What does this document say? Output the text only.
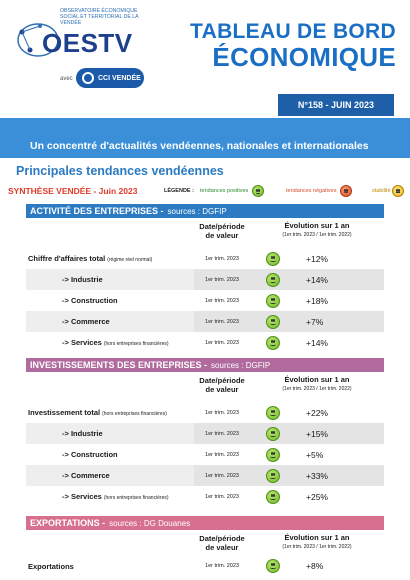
OBSERVATOIRE ÉCONOMIQUE SOCIAL ET TERRITORIAL DE LA VENDÉE
OESTV
avec	CCI VENDÉE
TABLEAU DE BORD
ÉCONOMIQUE
N°158 - JUIN 2023
Un concentré d'actualités vendéennes, nationales et internationales
Principales tendances vendéennes
SYNTHÈSE VENDÉE - Juin 2023	LÉGENDE : tendances positives	tendances négatives	stabilité
ACTIVITÉ DES ENTREPRISES - sources : DGFIP
Date/période de valeur
Évolution sur 1 an
(1er trim. 2023 / 1er trim. 2022)
Chiffre d'affaires total (régime réel normal)	1er trim. 2023	+12%
-> Industrie	1er trim. 2023	+14%
-> Construction	1er trim. 2023	+18%
-> Commerce	1er trim. 2023	+7%
-> Services (hors entreprises financières)	1er trim. 2023	+14%
INVESTISSEMENTS DES ENTREPRISES - sources : DGFIP
Date/période de valeur
Évolution sur 1 an
(1er trim. 2023 / 1er trim. 2022)
Investissement total (hors entreprises financières)	1er trim. 2023	+22%
-> Industrie	1er trim. 2023	+15%
-> Construction	1er trim. 2023	+5%
-> Commerce	1er trim. 2023	+33%
-> Services (hors entreprises financières)	1er trim. 2023	+25%
EXPORTATIONS - sources : DG Douanes
Date/période de valeur
Évolution sur 1 an
(1er trim. 2023 / 1er trim. 2022)
Exportations	1er trim. 2023	+8%
